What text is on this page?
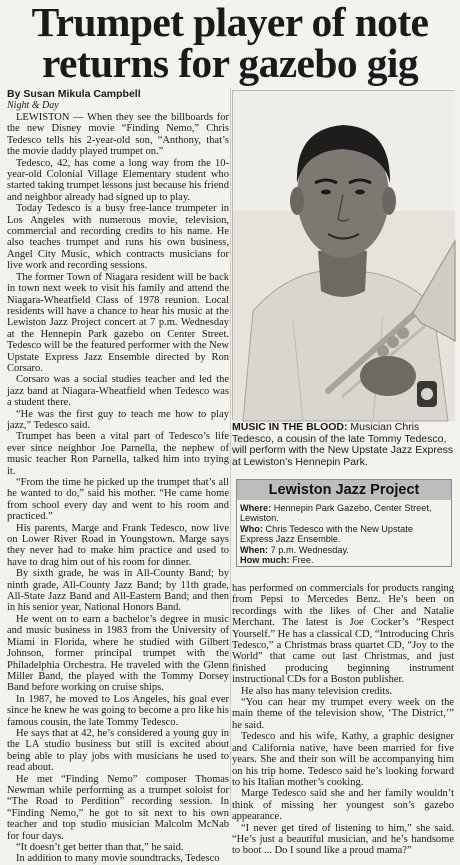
Trumpet player of note
returns for gazebo gig
By Susan Mikula Campbell
Night & Day

LEWISTON — When they see the billboards for the new Disney movie “Finding Nemo,” Chris Tedesco tells his 2-year-old son, “Anthony, that’s the movie daddy played trumpet on.”

Tedesco, 42, has come a long way from the 10-year-old Colonial Village Elementary student who started taking trumpet lessons just because his friend and neighbor already had signed up to play.

Today Tedesco is a busy free-lance trumpeter in Los Angeles with numerous movie, television, commercial and recording credits to his name. He also teaches trumpet and runs his own business, Angel City Music, which contracts musicians for live work and recording sessions.

The former Town of Niagara resident will be back in town next week to visit his family and attend the Niagara-Wheatfield Class of 1978 reunion. Local residents will have a chance to hear his music at the Lewiston Jazz Project concert at 7 p.m. Wednesday at the Hennepin Park gazebo on Center Street. Tedesco will be the featured performer with the New Upstate Express Jazz Ensemble directed by Ron Corsaro.

Corsaro was a social studies teacher and led the jazz band at Niagara-Wheatfield when Tedesco was a student there.

“He was the first guy to teach me how to play jazz,” Tedesco said.

Trumpet has been a vital part of Tedesco’s life ever since neighbor Joe Parnella, the nephew of music teacher Ron Parnella, talked him into trying it.

“From the time he picked up the trumpet that’s all he wanted to do,” said his mother. “He came home from school every day and went to his room and practiced.”

His parents, Marge and Frank Tedesco, now live on Lower River Road in Youngstown. Marge says they never had to make him practice and used to have to drag him out of his room for dinner.

By sixth grade, he was in All-County Band; by ninth grade, All-County Jazz Band; by 11th grade, All-State Jazz Band and All-Eastern Band; and then in his senior year, National Honors Band.

He went on to earn a bachelor’s degree in music and music business in 1983 from the University of Miami in Florida, where he studied with Gilbert Johnson, former principal trumpet with the Philadelphia Orchestra. He traveled with the Glenn Miller Band, the played with the Tommy Dorsey Band before working on cruise ships.

In 1987, he moved to Los Angeles, his goal ever since he knew he was going to become a pro like his famous cousin, the late Tommy Tedesco.

He says that at 42, he’s considered a young guy in the LA studio business but still is excited about being able to play jobs with musicians he used to read about.

He met “Finding Nemo” composer Thomas Newman while performing as a trumpet soloist for “The Road to Perdition” recording session. In “Finding Nemo,” he got to sit next to his own teacher and top studio musician Malcolm McNab for four days.

“It doesn’t get better than that,” he said.

In addition to many movie soundtracks, Tedesco

MUSIC IN THE BLOOD: Musician Chris Tedesco, a cousin of the late Tommy Tedesco, will perform with the New Upstate Jazz Express at Lewiston’s Hennepin Park.
Lewiston Jazz Project
Where: Hennepin Park Gazebo, Center Street, Lewiston.
Who: Chris Tedesco with the New Upstate Express Jazz Ensemble.
When: 7 p.m. Wednesday.
How much: Free.

has performed on commercials for products ranging from Pepsi to Mercedes Benz. He’s been on recordings with the likes of Cher and Natalie Merchant. The latest is Joe Cocker’s “Respect Yourself.” He has a classical CD, “Introducing Chris Tedesco,” a Christmas brass quartet CD, “Joy to the World” that came out last Christmas, and just finished producing beginning instrument instructional CDs for a Boston publisher.

He also has many television credits.

“You can hear my trumpet every week on the main theme of the television show, ‘The District,’” he said.

Tedesco and his wife, Kathy, a graphic designer and California native, have been married for five years. She and their son will be accompanying him on his trip home. Tedesco said he’s looking forward to his Italian mother’s cooking.

Marge Tedesco said she and her family wouldn’t think of missing her youngest son’s gazebo appearance.

“I never get tired of listening to him,” she said. “He’s just a beautiful musician, and he’s handsome to boot ... Do I sound like a proud mama?”
